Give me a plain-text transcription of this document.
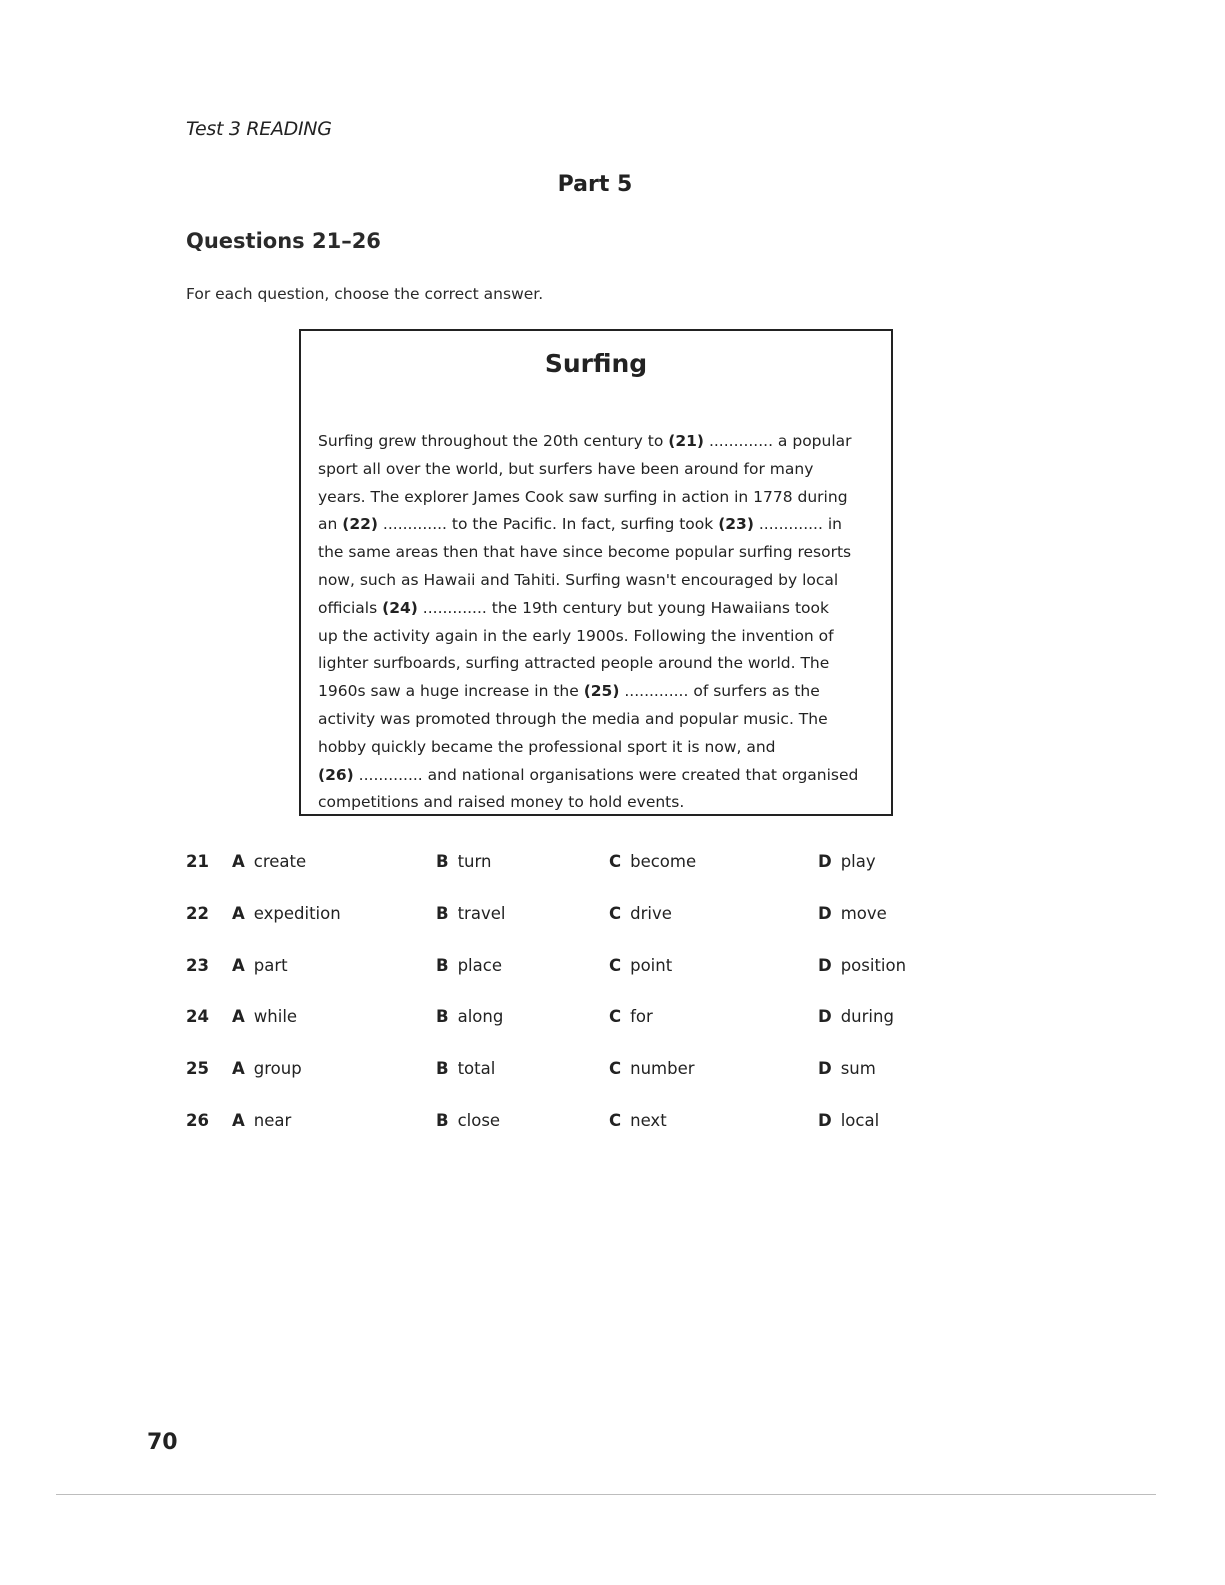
Test 3 READING
Part 5
Questions 21–26
For each question, choose the correct answer.
Surfing
Surfing grew throughout the 20th century to (21) ............. a popular
sport all over the world, but surfers have been around for many
years. The explorer James Cook saw surfing in action in 1778 during
an (22) ............. to the Pacific. In fact, surfing took (23) ............. in
the same areas then that have since become popular surfing resorts
now, such as Hawaii and Tahiti. Surfing wasn't encouraged by local
officials (24) ............. the 19th century but young Hawaiians took
up the activity again in the early 1900s. Following the invention of
lighter surfboards, surfing attracted people around the world. The
1960s saw a huge increase in the (25) ............. of surfers as the
activity was promoted through the media and popular music. The
hobby quickly became the professional sport it is now, and
(26) ............. and national organisations were created that organised
competitions and raised money to hold events.
21 A create	B turn	C become	D play
22 A expedition	B travel	C drive	D move
23 A part	B place	C point	D position
24 A while	B along	C for	D during
25 A group	B total	C number	D sum
26 A near	B close	C next	D local
70
